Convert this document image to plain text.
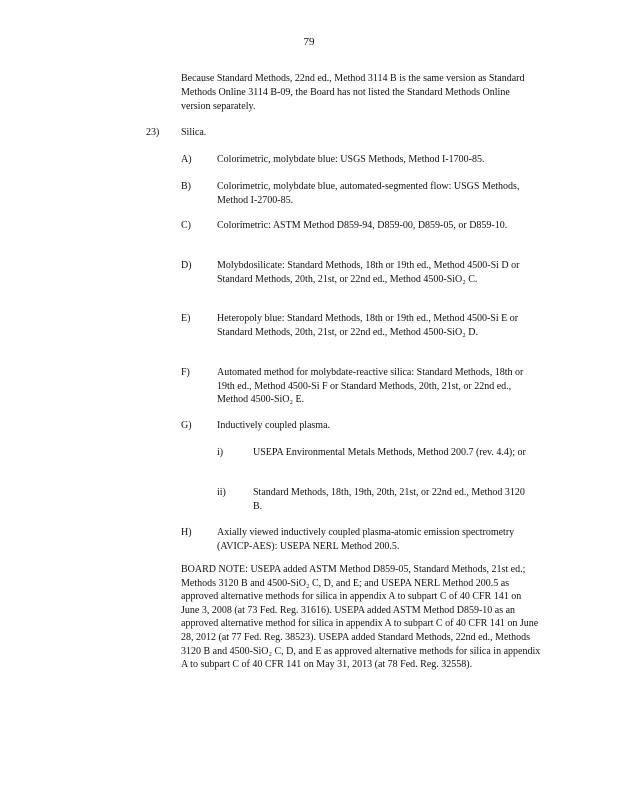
79
Because Standard Methods, 22nd ed., Method 3114 B is the same version as Standard Methods Online 3114 B-09, the Board has not listed the Standard Methods Online version separately.
23) Silica.
A)	Colorimetric, molybdate blue: USGS Methods, Method I-1700-85.
B)	Colorimetric, molybdate blue, automated-segmented flow: USGS Methods, Method I-2700-85.
C)	Colorimetric: ASTM Method D859-94, D859-00, D859-05, or D859-10.
D)	Molybdosilicate: Standard Methods, 18th or 19th ed., Method 4500-Si D or Standard Methods, 20th, 21st, or 22nd ed., Method 4500-SiO₂ C.
E)	Heteropoly blue: Standard Methods, 18th or 19th ed., Method 4500-Si E or Standard Methods, 20th, 21st, or 22nd ed., Method 4500-SiO₂ D.
F)	Automated method for molybdate-reactive silica: Standard Methods, 18th or 19th ed., Method 4500-Si F or Standard Methods, 20th, 21st, or 22nd ed., Method 4500-SiO₂ E.
G)	Inductively coupled plasma.
i)	USEPA Environmental Metals Methods, Method 200.7 (rev. 4.4); or
ii)	Standard Methods, 18th, 19th, 20th, 21st, or 22nd ed., Method 3120 B.
H)	Axially viewed inductively coupled plasma-atomic emission spectrometry (AVICP-AES): USEPA NERL Method 200.5.
BOARD NOTE: USEPA added ASTM Method D859-05, Standard Methods, 21st ed.; Methods 3120 B and 4500-SiO₂ C, D, and E; and USEPA NERL Method 200.5 as approved alternative methods for silica in appendix A to subpart C of 40 CFR 141 on June 3, 2008 (at 73 Fed. Reg. 31616). USEPA added ASTM Method D859-10 as an approved alternative method for silica in appendix A to subpart C of 40 CFR 141 on June 28, 2012 (at 77 Fed. Reg. 38523). USEPA added Standard Methods, 22nd ed., Methods 3120 B and 4500-SiO₂ C, D, and E as approved alternative methods for silica in appendix A to subpart C of 40 CFR 141 on May 31, 2013 (at 78 Fed. Reg. 32558).
